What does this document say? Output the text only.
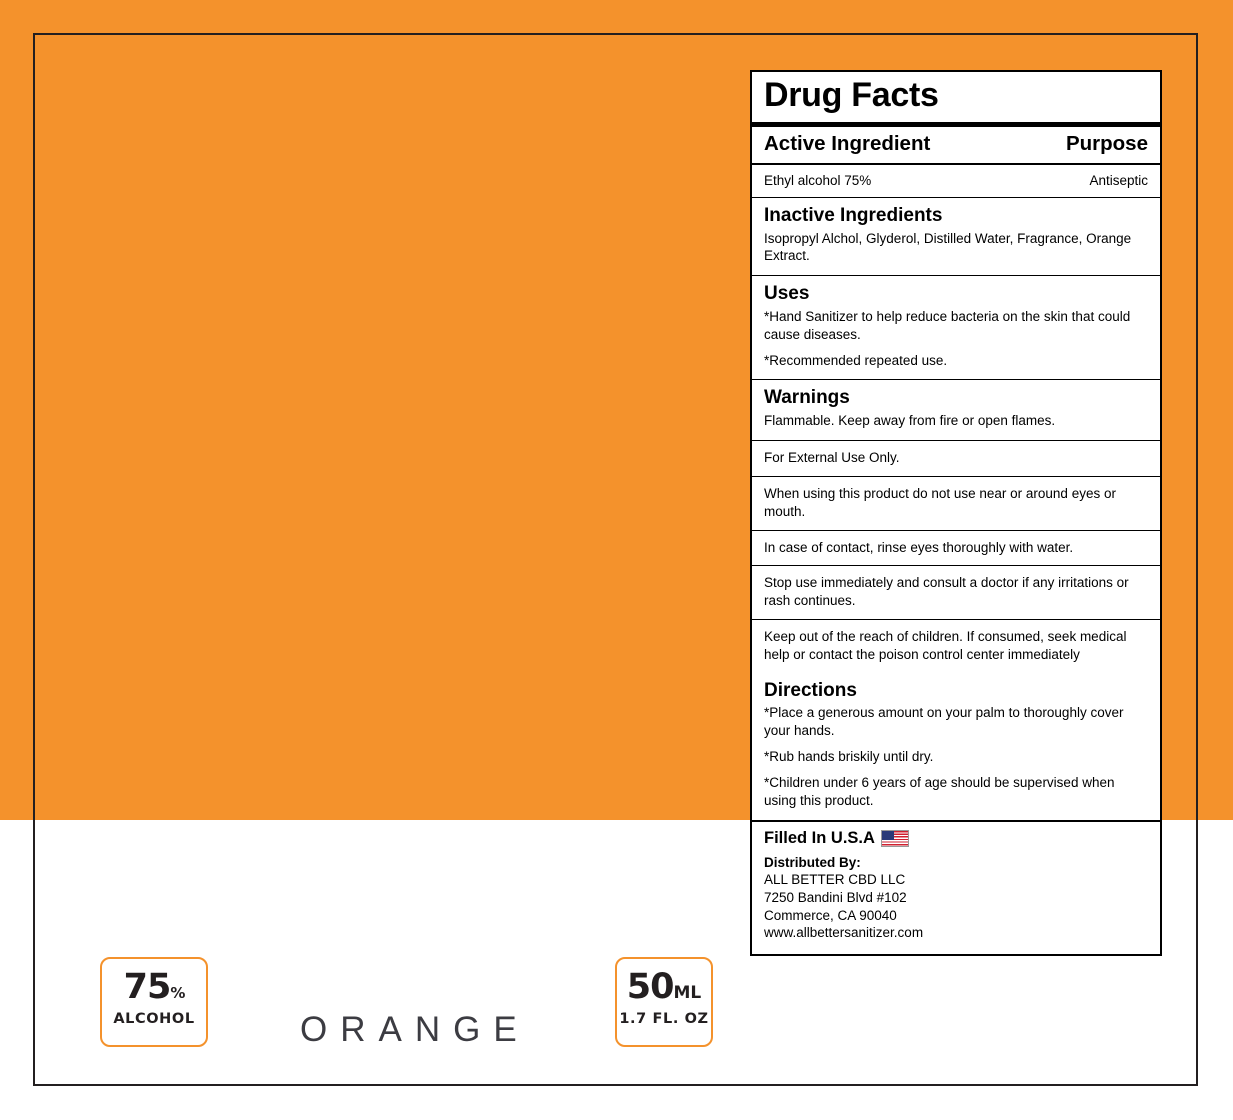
Drug Facts
Active Ingredient	Purpose
Ethyl alcohol 75%	Antiseptic

Inactive Ingredients

Isopropyl Alchol, Glyderol, Distilled Water, Fragrance, Orange Extract.

Uses

*Hand Sanitizer to help reduce bacteria on the skin that could cause diseases.

*Recommended repeated use.

Warnings

Flammable. Keep away from fire or open flames.

For External Use Only.
When using this product do not use near or around eyes or mouth.
In case of contact, rinse eyes thoroughly with water.
Stop use immediately and consult a doctor if any irritations or rash continues.
Keep out of the reach of children. If consumed, seek medical help or contact the poison control center immediately

Directions

*Place a generous amount on your palm to thoroughly cover your hands.

*Rub hands briskily until dry.

*Children under 6 years of age should be supervised when using this product.

Filled In U.S.A
Distributed By:
ALL BETTER CBD LLC
7250 Bandini Blvd #102
Commerce, CA 90040
www.allbettersanitizer.com
75%
ALCOHOL	ORANGE
50ML
1.7 FL. OZ
